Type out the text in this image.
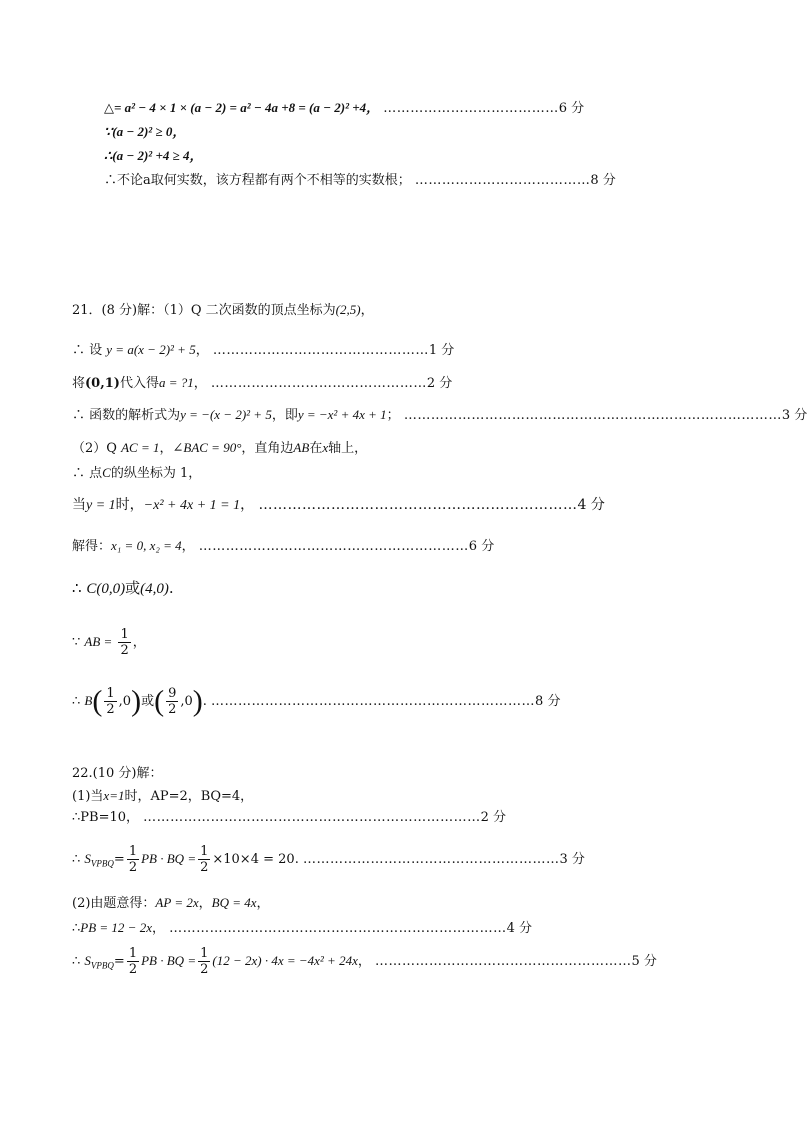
△= a² − 4 × 1 × (a − 2) = a² − 4a +8 = (a − 2)² +4， …………………………………6 分
∵(a − 2)² ≥ 0，
∴(a − 2)² +4 ≥ 4，
∴不论a取何实数，该方程都有两个不相等的实数根； …………………………………8 分
21．(8 分)解：（1）Q 二次函数的顶点坐标为(2,5)，
∴ 设 y = a(x − 2)² + 5， …………………………………………1 分
将(0,1)代入得a = ?1， …………………………………………2 分
∴ 函数的解析式为y = −(x − 2)² + 5，即y = −x² + 4x + 1； …………………………………………………………………………3 分
（2）Q AC = 1，∠BAC = 90°，直角边AB在x轴上，
∴ 点C的纵坐标为 1，
当y = 1时，−x² + 4x + 1 = 1， …………………………………………………………4 分
解得：x₁ = 0, x₂ = 4， ……………………………………………………6 分
∴ C(0,0)或(4,0).
∵ AB = $\frac{1}{2}$ ，
∴ $B( \frac{1}{2} ,0)$或( $\frac{9}{2} ,0$). ………………………………………………………………8 分
22.(10 分)解：
(1)当x=1时，AP=2，BQ=4，
∴PB=10， …………………………………………………………………2 分
∴ $S_{VPBQ}= \frac{1}{2}$ PB · BQ = $\frac{1}{2} \times 10\times 4 = 20$. …………………………………………………3 分
(2)由题意得：AP = 2x，BQ = 4x，
∴PB = 12 − 2x， …………………………………………………………………4 分
∴ $S_{VPBQ}= \frac{1}{2}$ PB · BQ = $\frac{1}{2} (12 - 2x) \cdot 4x = -4x^2 + 24x$， …………………………………………………5 分
